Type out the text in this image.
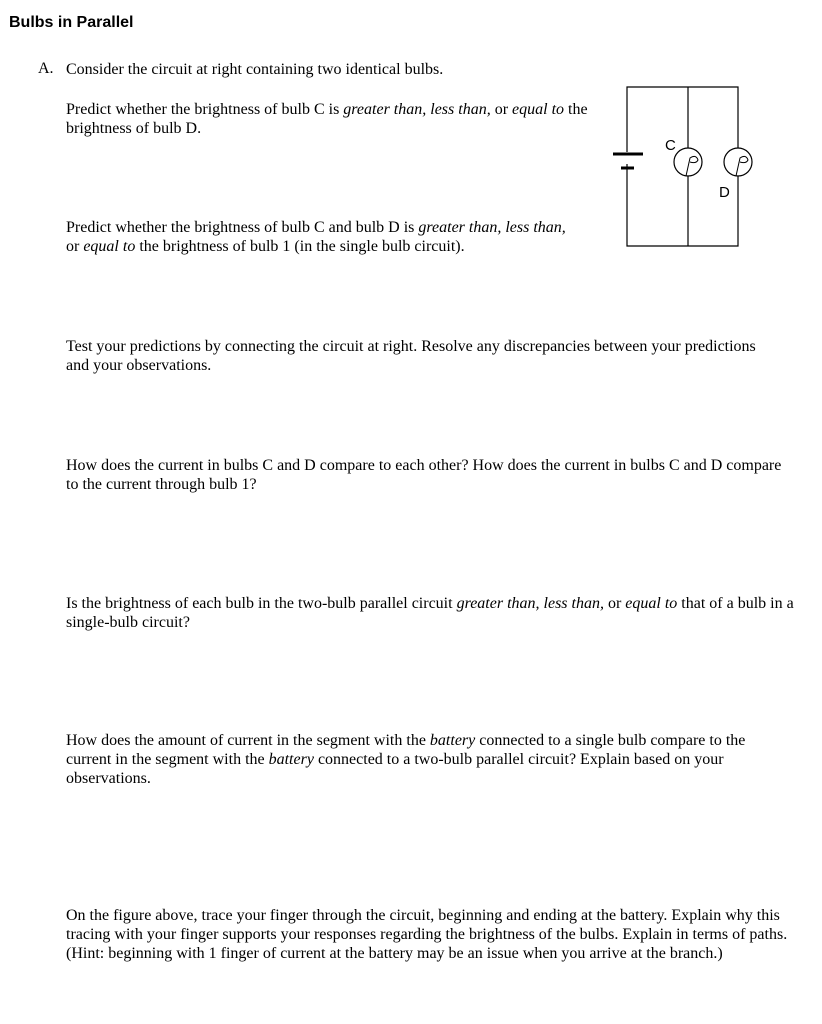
Bulbs in Parallel
A. Consider the circuit at right containing two identical bulbs.
Predict whether the brightness of bulb C is greater than, less than, or equal to the brightness of bulb D.
Predict whether the brightness of bulb C and bulb D is greater than, less than, or equal to the brightness of bulb 1 (in the single bulb circuit).
Test your predictions by connecting the circuit at right. Resolve any discrepancies between your predictions and your observations.
How does the current in bulbs C and D compare to each other? How does the current in bulbs C and D compare to the current through bulb 1?
Is the brightness of each bulb in the two-bulb parallel circuit greater than, less than, or equal to that of a bulb in a single-bulb circuit?
How does the amount of current in the segment with the battery connected to a single bulb compare to the current in the segment with the battery connected to a two-bulb parallel circuit? Explain based on your observations.
On the figure above, trace your finger through the circuit, beginning and ending at the battery. Explain why this tracing with your finger supports your responses regarding the brightness of the bulbs. Explain in terms of paths. (Hint: beginning with 1 finger of current at the battery may be an issue when you arrive at the branch.)
C
D
